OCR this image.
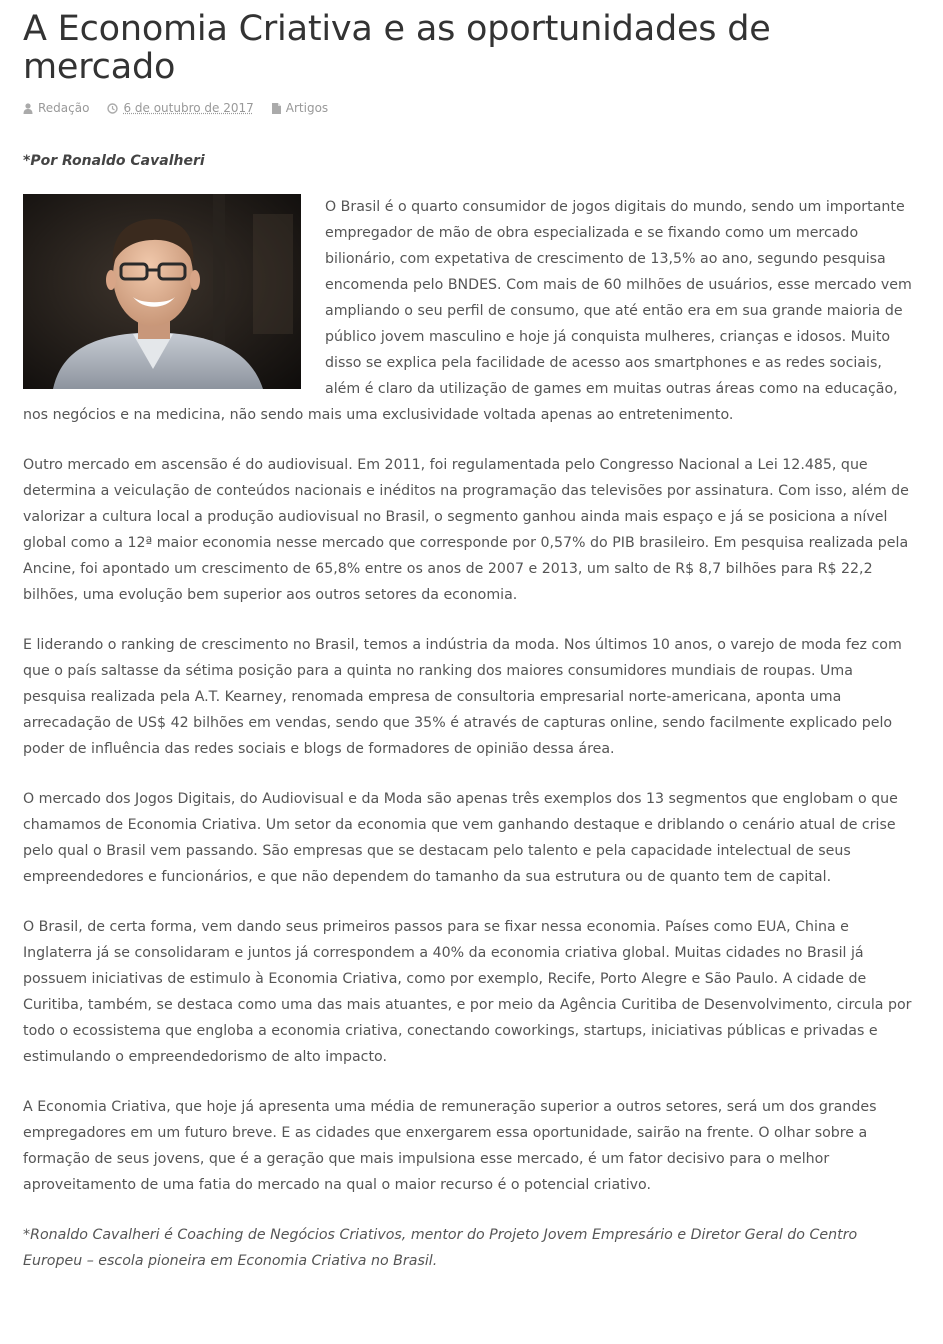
A Economia Criativa e as oportunidades de mercado
Redação	6 de outubro de 2017	Artigos
*Por Ronaldo Cavalheri

O Brasil é o quarto consumidor de jogos digitais do mundo, sendo um importante empregador de mão de obra especializada e se fixando como um mercado bilionário, com expetativa de crescimento de 13,5% ao ano, segundo pesquisa encomenda pelo BNDES. Com mais de 60 milhões de usuários, esse mercado vem ampliando o seu perfil de consumo, que até então era em sua grande maioria de público jovem masculino e hoje já conquista mulheres, crianças e idosos. Muito disso se explica pela facilidade de acesso aos smartphones e as redes sociais, além é claro da utilização de games em muitas outras áreas como na educação, nos negócios e na medicina, não sendo mais uma exclusividade voltada apenas ao entretenimento.

Outro mercado em ascensão é do audiovisual. Em 2011, foi regulamentada pelo Congresso Nacional a Lei 12.485, que determina a veiculação de conteúdos nacionais e inéditos na programação das televisões por assinatura. Com isso, além de valorizar a cultura local a produção audiovisual no Brasil, o segmento ganhou ainda mais espaço e já se posiciona a nível global como a 12ª maior economia nesse mercado que corresponde por 0,57% do PIB brasileiro. Em pesquisa realizada pela Ancine, foi apontado um crescimento de 65,8% entre os anos de 2007 e 2013, um salto de R$ 8,7 bilhões para R$ 22,2 bilhões, uma evolução bem superior aos outros setores da economia.

E liderando o ranking de crescimento no Brasil, temos a indústria da moda. Nos últimos 10 anos, o varejo de moda fez com que o país saltasse da sétima posição para a quinta no ranking dos maiores consumidores mundiais de roupas. Uma pesquisa realizada pela A.T. Kearney, renomada empresa de consultoria empresarial norte-americana, aponta uma arrecadação de US$ 42 bilhões em vendas, sendo que 35% é através de capturas online, sendo facilmente explicado pelo poder de influência das redes sociais e blogs de formadores de opinião dessa área.

O mercado dos Jogos Digitais, do Audiovisual e da Moda são apenas três exemplos dos 13 segmentos que englobam o que chamamos de Economia Criativa. Um setor da economia que vem ganhando destaque e driblando o cenário atual de crise pelo qual o Brasil vem passando. São empresas que se destacam pelo talento e pela capacidade intelectual de seus empreendedores e funcionários, e que não dependem do tamanho da sua estrutura ou de quanto tem de capital.

O Brasil, de certa forma, vem dando seus primeiros passos para se fixar nessa economia. Países como EUA, China e Inglaterra já se consolidaram e juntos já correspondem a 40% da economia criativa global. Muitas cidades no Brasil já possuem iniciativas de estimulo à Economia Criativa, como por exemplo, Recife, Porto Alegre e São Paulo. A cidade de Curitiba, também, se destaca como uma das mais atuantes, e por meio da Agência Curitiba de Desenvolvimento, circula por todo o ecossistema que engloba a economia criativa, conectando coworkings, startups, iniciativas públicas e privadas e estimulando o empreendedorismo de alto impacto.

A Economia Criativa, que hoje já apresenta uma média de remuneração superior a outros setores, será um dos grandes empregadores em um futuro breve. E as cidades que enxergarem essa oportunidade, sairão na frente. O olhar sobre a formação de seus jovens, que é a geração que mais impulsiona esse mercado, é um fator decisivo para o melhor aproveitamento de uma fatia do mercado na qual o maior recurso é o potencial criativo.

*Ronaldo Cavalheri é Coaching de Negócios Criativos, mentor do Projeto Jovem Empresário e Diretor Geral do Centro Europeu – escola pioneira em Economia Criativa no Brasil.
